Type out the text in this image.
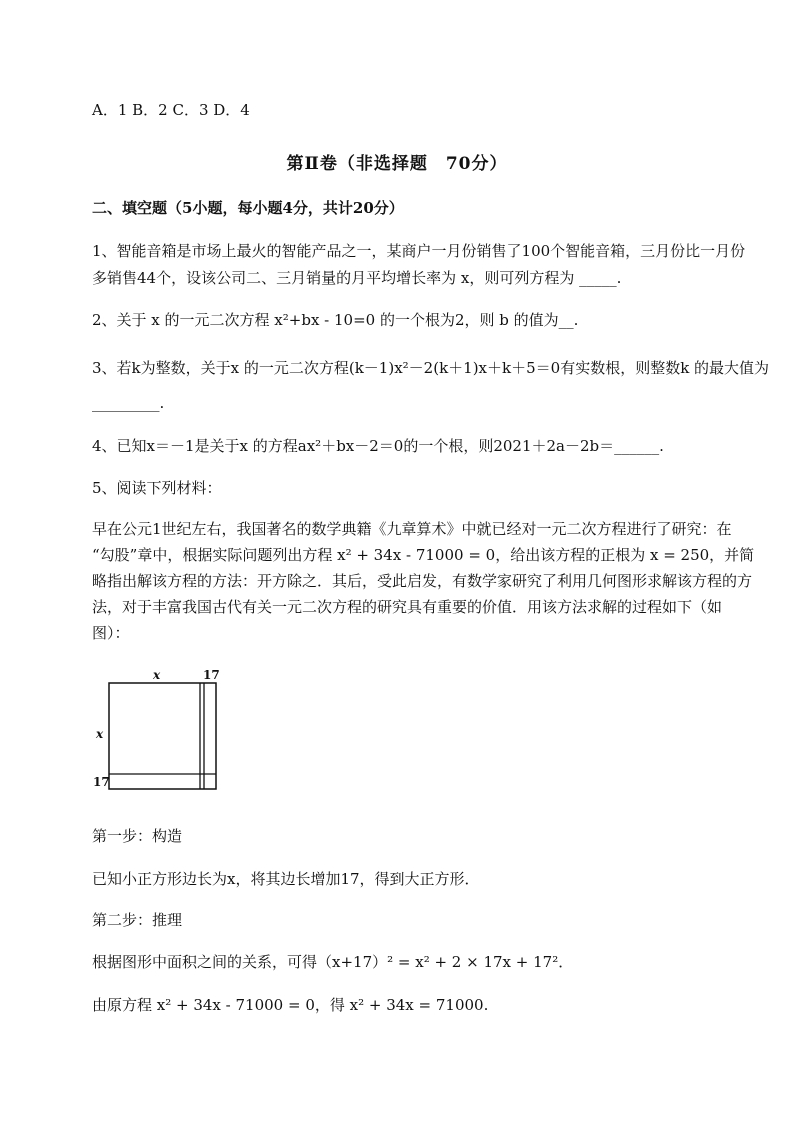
A．1 B．2 C．3 D．4
第Ⅱ卷（非选择题　70分）
二、填空题（5小题，每小题4分，共计20分）
1、智能音箱是市场上最火的智能产品之一，某商户一月份销售了100个智能音箱，三月份比一月份
多销售44个，设该公司二、三月销量的月平均增长率为 x，则可列方程为 _____.
2、关于 x 的一元二次方程 x²+bx - 10=0 的一个根为2，则 b 的值为__.
3、若k为整数，关于x 的一元二次方程(k－1)x²－2(k＋1)x＋k＋5＝0有实数根，则整数k 的最大值为
_________.
4、已知x＝－1是关于x 的方程ax²＋bx－2＝0的一个根，则2021＋2a－2b＝______.
5、阅读下列材料：
早在公元1世纪左右，我国著名的数学典籍《九章算术》中就已经对一元二次方程进行了研究：在
“勾股”章中，根据实际问题列出方程 x² + 34x - 71000 = 0，给出该方程的正根为 x = 250，并简
略指出解该方程的方法：开方除之．其后，受此启发，有数学家研究了利用几何图形求解该方程的方
法，对于丰富我国古代有关一元二次方程的研究具有重要的价值．用该方法求解的过程如下（如
图）：
x	17
x
17
第一步：构造
已知小正方形边长为x，将其边长增加17，得到大正方形．
第二步：推理
根据图形中面积之间的关系，可得（x+17）² = x² + 2 × 17x + 17²．
由原方程 x² + 34x - 71000 = 0，得 x² + 34x = 71000.
